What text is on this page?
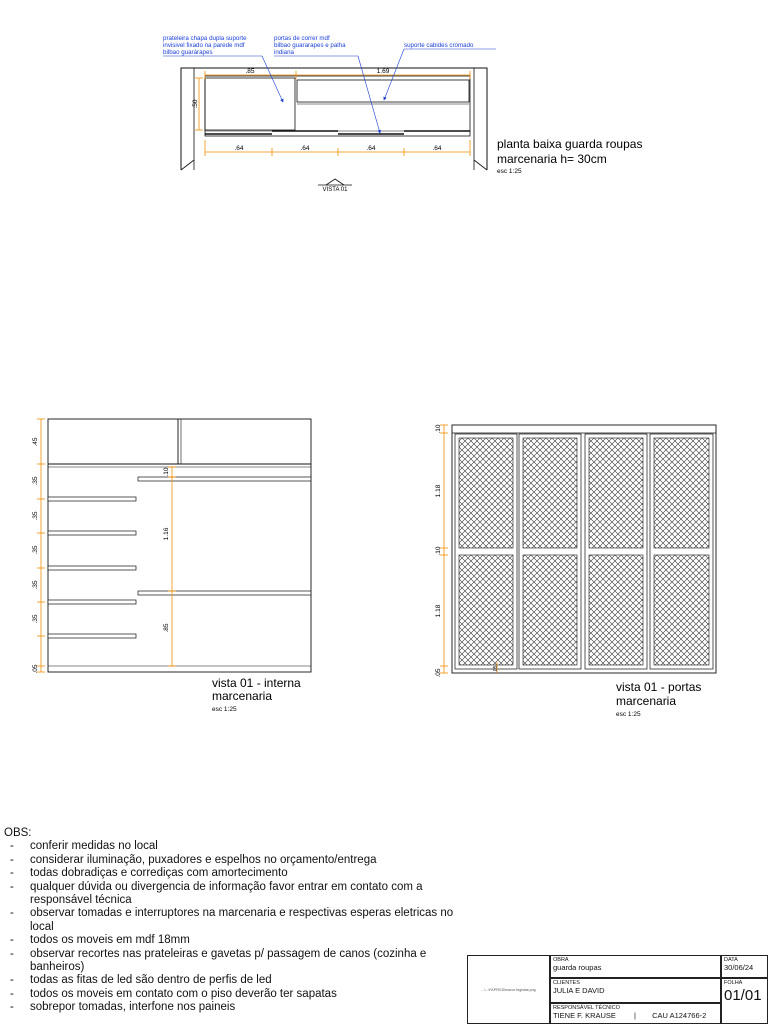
.85	1.69
.50
.64	.64	.64	.64
prateleira chapa dupla suporte
invisivel fixado na parede mdf
bilbao guarárapes
portas de correr mdf
bilbao guararapes e palha
indiana
suporte cabides cromado
planta baixa guarda roupas
marcenaria h= 30cm
esc 1:25
VISTA 01
.45
.35
.35
.35
.35
.35
.05
.10
1.16
.85
vista 01 - interna
marcenaria
esc 1:25
.10
1.18
.10
1.18
.05	.05
vista 01 - portas
marcenaria
esc 1:25

OBS:

- conferir medidas no local
- considerar iluminação, puxadores e espelhos no orçamento/entrega
- todas dobradiças e corrediças com amortecimento
- qualquer dúvida ou divergencia de informação favor entrar em contato com a responsável técnica
- observar tomadas e interruptores na marcenaria e respectivas esperas eletricas no local
- todos os moveis em mdf 18mm
- observar recortes nas prateleiras e gavetas p/ passagem de canos (cozinha e banheiros)
- todas as fitas de led são dentro de perfis de led
- todos os moveis em contato com o piso deverão ter sapatas
- sobrepor tomadas, interfone nos paineis
...\...\FAPFIED\marco tegistas.png
OBRA
guarda roupas
DATA
30/06/24
CLIENTES
JULIA E DAVID
FOLHA
01/01
RESPONSÁVEL TÉCNICO
TIENE F. KRAUSE | CAU A124766-2
